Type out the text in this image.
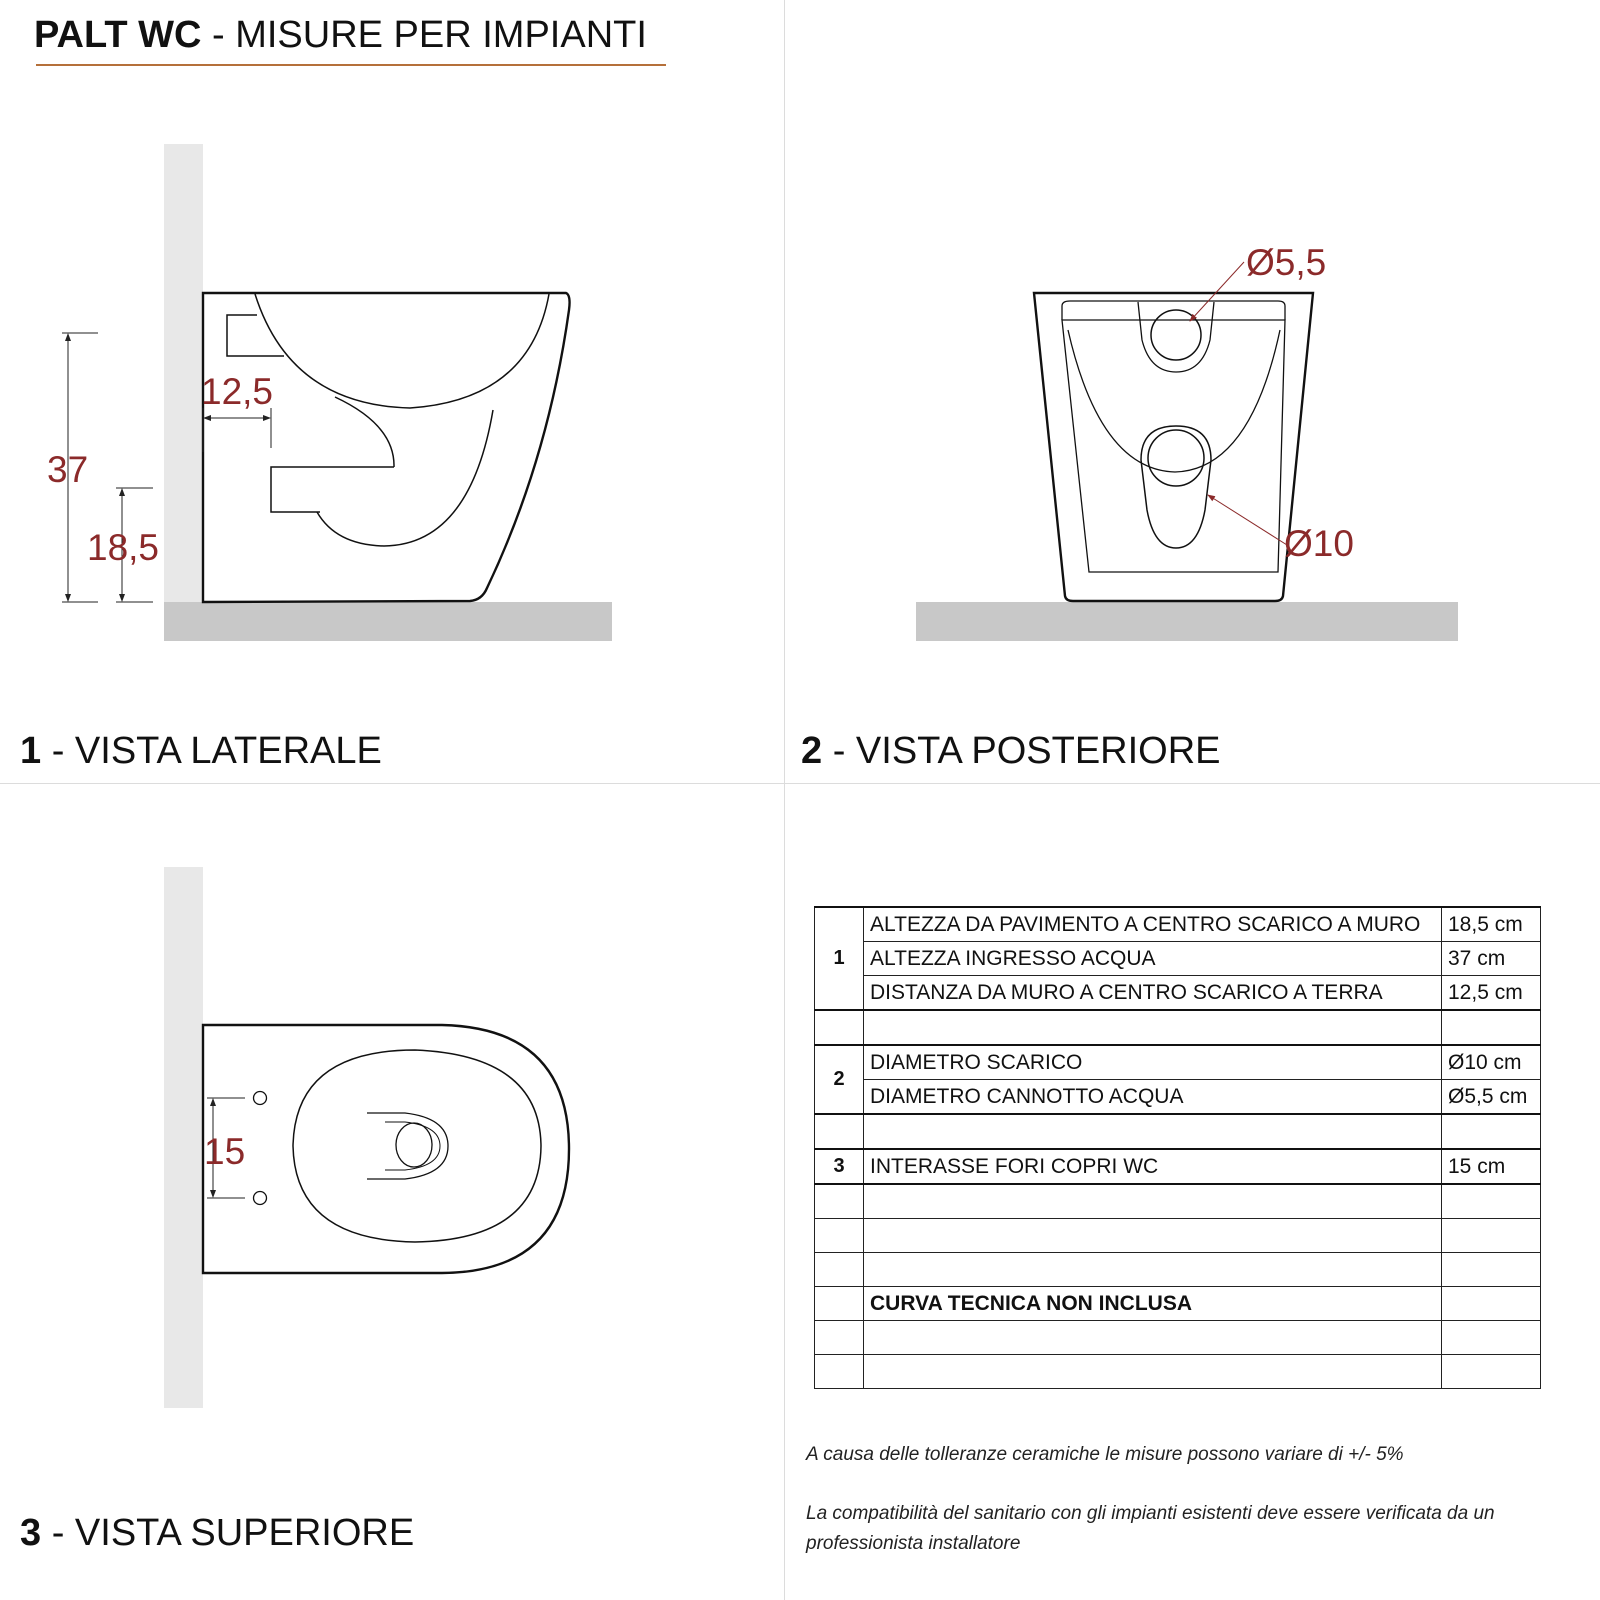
PALT WC - MISURE PER IMPIANTI
37
18,5
12,5
Ø5,5
Ø10
15
1 - VISTA LATERALE	2 - VISTA POSTERIORE
3 - VISTA SUPERIORE
1	ALTEZZA DA PAVIMENTO A CENTRO SCARICO A MURO	18,5 cm
	ALTEZZA INGRESSO ACQUA	37 cm
	DISTANZA DA MURO A CENTRO SCARICO A TERRA	12,5 cm

2	DIAMETRO SCARICO	Ø10 cm
	DIAMETRO CANNOTTO ACQUA	Ø5,5 cm

3	INTERASSE FORI COPRI WC	15 cm

	CURVA TECNICA NON INCLUSA	

A causa delle tolleranze ceramiche le misure possono variare di +/- 5%
La compatibilità del sanitario con gli impianti esistenti deve essere verificata da un professionista installatore
